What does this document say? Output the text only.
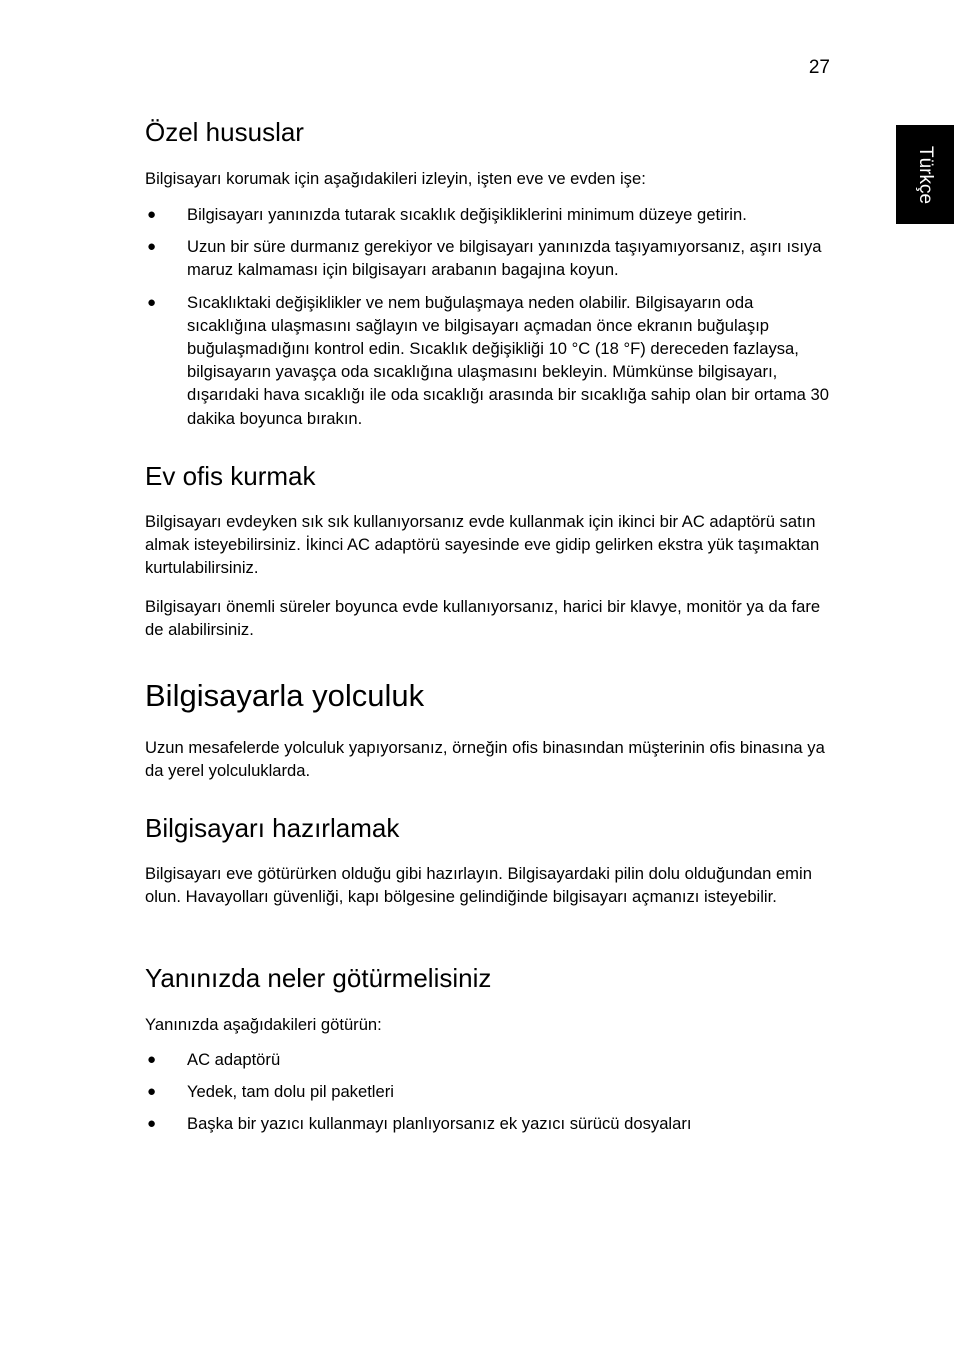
27
Türkçe
Özel hususlar

Bilgisayarı korumak için aşağıdakileri izleyin, işten eve ve evden işe:

● Bilgisayarı yanınızda tutarak sıcaklık değişikliklerini minimum düzeye getirin.
● Uzun bir süre durmanız gerekiyor ve bilgisayarı yanınızda taşıyamıyorsanız, aşırı ısıya maruz kalmaması için bilgisayarı arabanın bagajına koyun.
● Sıcaklıktaki değişiklikler ve nem buğulaşmaya neden olabilir. Bilgisayarın oda sıcaklığına ulaşmasını sağlayın ve bilgisayarı açmadan önce ekranın buğulaşıp buğulaşmadığını kontrol edin. Sıcaklık değişikliği 10 °C (18 °F) dereceden fazlaysa, bilgisayarın yavaşça oda sıcaklığına ulaşmasını bekleyin. Mümkünse bilgisayarı, dışarıdaki hava sıcaklığı ile oda sıcaklığı arasında bir sıcaklığa sahip olan bir ortama 30 dakika boyunca bırakın.
Ev ofis kurmak

Bilgisayarı evdeyken sık sık kullanıyorsanız evde kullanmak için ikinci bir AC adaptörü satın almak isteyebilirsiniz. İkinci AC adaptörü sayesinde eve gidip gelirken ekstra yük taşımaktan kurtulabilirsiniz.

Bilgisayarı önemli süreler boyunca evde kullanıyorsanız, harici bir klavye, monitör ya da fare de alabilirsiniz.

Bilgisayarla yolculuk

Uzun mesafelerde yolculuk yapıyorsanız, örneğin ofis binasından müşterinin ofis binasına ya da yerel yolculuklarda.

Bilgisayarı hazırlamak

Bilgisayarı eve götürürken olduğu gibi hazırlayın. Bilgisayardaki pilin dolu olduğundan emin olun. Havayolları güvenliği, kapı bölgesine gelindiğinde bilgisayarı açmanızı isteyebilir.

Yanınızda neler götürmelisiniz

Yanınızda aşağıdakileri götürün:

● AC adaptörü
● Yedek, tam dolu pil paketleri
● Başka bir yazıcı kullanmayı planlıyorsanız ek yazıcı sürücü dosyaları
